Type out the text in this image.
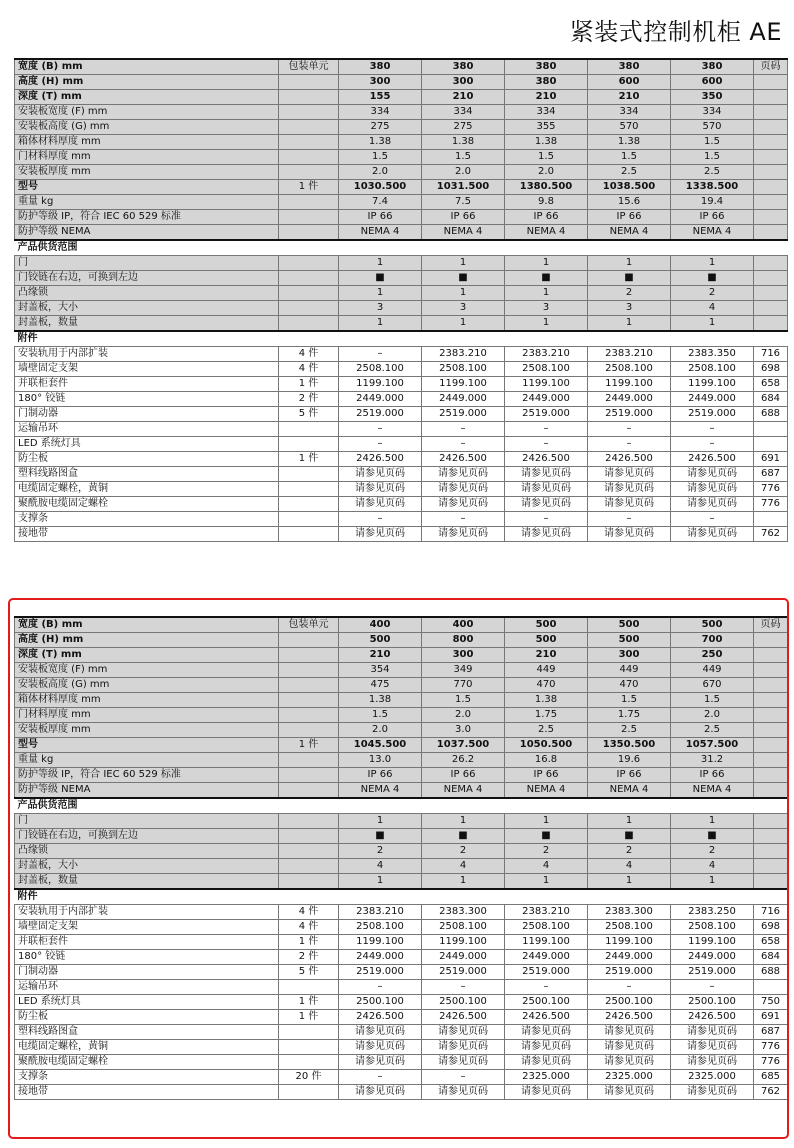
紧装式控制机柜 AE
宽度 (B) mm	包装单元	380	380	380	380	380	页码
高度 (H) mm		300	300	380	600	600	
深度 (T) mm		155	210	210	210	350	
安装板宽度 (F) mm		334	334	334	334	334	
安装板高度 (G) mm		275	275	355	570	570	
箱体材料厚度 mm		1.38	1.38	1.38	1.38	1.5	
门材料厚度 mm		1.5	1.5	1.5	1.5	1.5	
安装板厚度 mm		2.0	2.0	2.0	2.5	2.5	
型号	1 件	1030.500	1031.500	1380.500	1038.500	1338.500	
重量 kg		7.4	7.5	9.8	15.6	19.4	
防护等级 IP，符合 IEC 60 529 标准		IP 66	IP 66	IP 66	IP 66	IP 66	
防护等级 NEMA		NEMA 4	NEMA 4	NEMA 4	NEMA 4	NEMA 4	
产品供货范围							
门		1	1	1	1	1	
门铰链在右边，可换到左边		■	■	■	■	■	
凸缘锁		1	1	1	2	2	
封盖板，大小		3	3	3	3	4	
封盖板，数量		1	1	1	1	1	
附件							
安装轨用于内部扩装	4 件	–	2383.210	2383.210	2383.210	2383.350	716
墙壁固定支架	4 件	2508.100	2508.100	2508.100	2508.100	2508.100	698
并联柜套件	1 件	1199.100	1199.100	1199.100	1199.100	1199.100	658
180° 铰链	2 件	2449.000	2449.000	2449.000	2449.000	2449.000	684
门制动器	5 件	2519.000	2519.000	2519.000	2519.000	2519.000	688
运输吊环		–	–	–	–	–	
LED 系统灯具		–	–	–	–	–	
防尘板	1 件	2426.500	2426.500	2426.500	2426.500	2426.500	691
塑料线路图盒		请参见页码	请参见页码	请参见页码	请参见页码	请参见页码	687
电缆固定螺栓，黄铜		请参见页码	请参见页码	请参见页码	请参见页码	请参见页码	776
聚酰胺电缆固定螺栓		请参见页码	请参见页码	请参见页码	请参见页码	请参见页码	776
支撑条		–	–	–	–	–	
接地带		请参见页码	请参见页码	请参见页码	请参见页码	请参见页码	762
宽度 (B) mm	包装单元	400	400	500	500	500	页码
高度 (H) mm		500	800	500	500	700	
深度 (T) mm		210	300	210	300	250	
安装板宽度 (F) mm		354	349	449	449	449	
安装板高度 (G) mm		475	770	470	470	670	
箱体材料厚度 mm		1.38	1.5	1.38	1.5	1.5	
门材料厚度 mm		1.5	2.0	1.75	1.75	2.0	
安装板厚度 mm		2.0	3.0	2.5	2.5	2.5	
型号	1 件	1045.500	1037.500	1050.500	1350.500	1057.500	
重量 kg		13.0	26.2	16.8	19.6	31.2	
防护等级 IP，符合 IEC 60 529 标准		IP 66	IP 66	IP 66	IP 66	IP 66	
防护等级 NEMA		NEMA 4	NEMA 4	NEMA 4	NEMA 4	NEMA 4	
产品供货范围							
门		1	1	1	1	1	
门铰链在右边，可换到左边		■	■	■	■	■	
凸缘锁		2	2	2	2	2	
封盖板，大小		4	4	4	4	4	
封盖板，数量		1	1	1	1	1	
附件							
安装轨用于内部扩装	4 件	2383.210	2383.300	2383.210	2383.300	2383.250	716
墙壁固定支架	4 件	2508.100	2508.100	2508.100	2508.100	2508.100	698
并联柜套件	1 件	1199.100	1199.100	1199.100	1199.100	1199.100	658
180° 铰链	2 件	2449.000	2449.000	2449.000	2449.000	2449.000	684
门制动器	5 件	2519.000	2519.000	2519.000	2519.000	2519.000	688
运输吊环		–	–	–	–	–	
LED 系统灯具	1 件	2500.100	2500.100	2500.100	2500.100	2500.100	750
防尘板	1 件	2426.500	2426.500	2426.500	2426.500	2426.500	691
塑料线路图盒		请参见页码	请参见页码	请参见页码	请参见页码	请参见页码	687
电缆固定螺栓，黄铜		请参见页码	请参见页码	请参见页码	请参见页码	请参见页码	776
聚酰胺电缆固定螺栓		请参见页码	请参见页码	请参见页码	请参见页码	请参见页码	776
支撑条	20 件	–	–	2325.000	2325.000	2325.000	685
接地带		请参见页码	请参见页码	请参见页码	请参见页码	请参见页码	762
